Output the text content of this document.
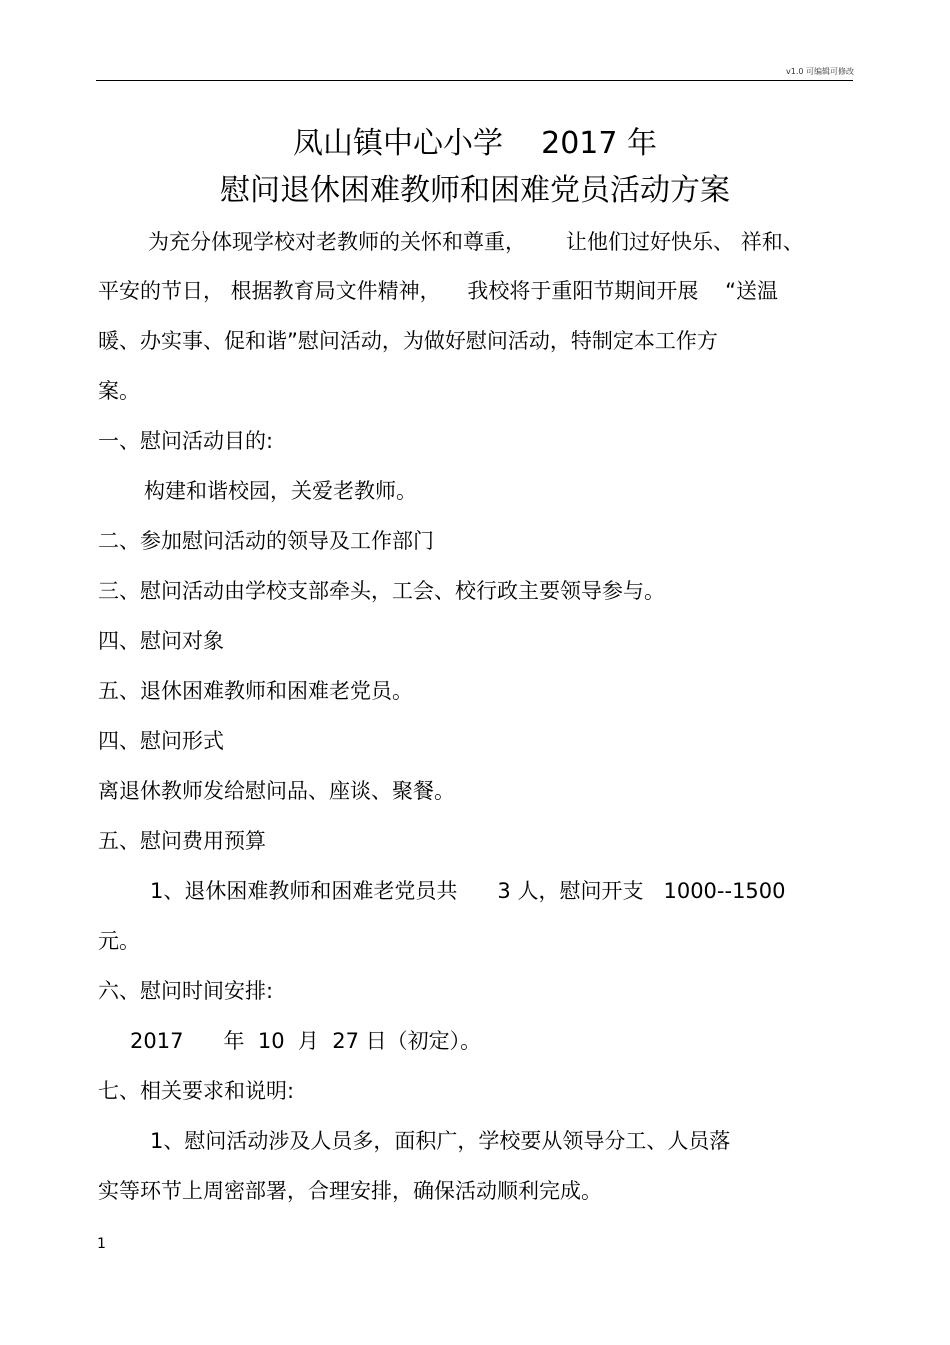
v1.0 可编辑可修改
凤山镇中心小学    2017 年
慰问退休困难教师和困难党员活动方案
为充分体现学校对老教师的关怀和尊重，      让他们过好快乐、 祥和、
平安的节日， 根据教育局文件精神，    我校将于重阳节期间开展    “送温
暖、办实事、促和谐”慰问活动，为做好慰问活动，特制定本工作方
案。
一、慰问活动目的:
构建和谐校园，关爱老教师。
二、参加慰问活动的领导及工作部门
三、慰问活动由学校支部牵头，工会、校行政主要领导参与。
四、慰问对象
五、退休困难教师和困难老党员。
四、慰问形式
离退休教师发给慰问品、座谈、聚餐。
五、慰问费用预算
1、退休困难教师和困难老党员共      3 人，慰问开支   1000--1500
元。
六、慰问时间安排:
2017      年  10  月  27 日（初定）。
七、相关要求和说明:
1、慰问活动涉及人员多，面积广，学校要从领导分工、人员落
实等环节上周密部署，合理安排，确保活动顺利完成。
1
